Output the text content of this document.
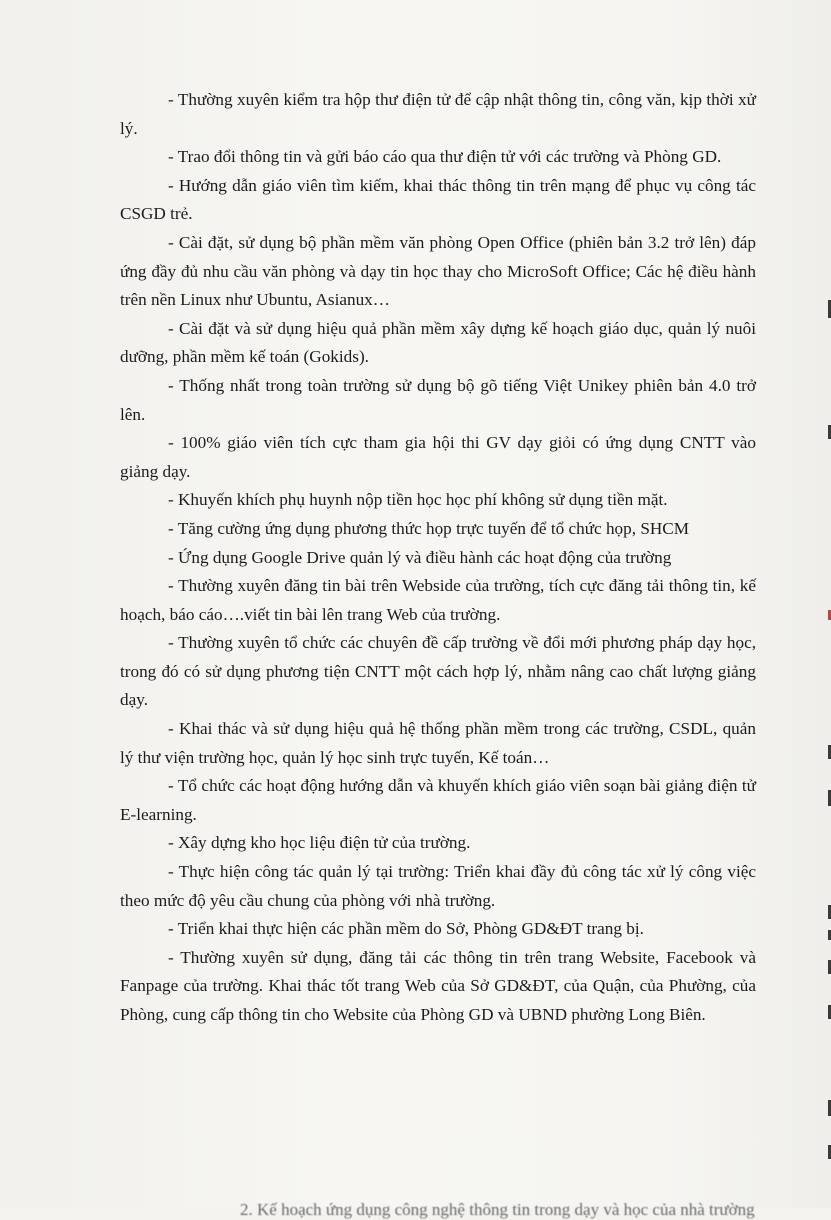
- Thường xuyên kiểm tra hộp thư điện tử để cập nhật thông tin, công văn, kịp thời xử lý.

- Trao đổi thông tin và gửi báo cáo qua thư điện tử với các trường và Phòng GD.

- Hướng dẫn giáo viên tìm kiếm, khai thác thông tin trên mạng để phục vụ công tác CSGD trẻ.

- Cài đặt, sử dụng bộ phần mềm văn phòng Open Office (phiên bản 3.2 trở lên) đáp ứng đầy đủ nhu cầu văn phòng và dạy tin học thay cho MicroSoft Office; Các hệ điều hành trên nền Linux như Ubuntu, Asianux…

- Cài đặt và sử dụng hiệu quả phần mềm xây dựng kế hoạch giáo dục, quản lý nuôi dưỡng, phần mềm kế toán (Gokids).

- Thống nhất trong toàn trường sử dụng bộ gõ tiếng Việt Unikey phiên bản 4.0 trở lên.

- 100% giáo viên tích cực tham gia hội thi GV dạy giỏi có ứng dụng CNTT vào giảng dạy.

- Khuyến khích phụ huynh nộp tiền học học phí không sử dụng tiền mặt.

- Tăng cường ứng dụng phương thức họp trực tuyến để tổ chức họp, SHCM

- Ứng dụng Google Drive quản lý và điều hành các hoạt động của trường

- Thường xuyên đăng tin bài trên Webside của trường, tích cực đăng tải thông tin, kế hoạch, báo cáo….viết tin bài lên trang Web của trường.

- Thường xuyên tổ chức các chuyên đề cấp trường về đổi mới phương pháp dạy học, trong đó có sử dụng phương tiện CNTT một cách hợp lý, nhằm nâng cao chất lượng giảng dạy.

- Khai thác và sử dụng hiệu quả hệ thống phần mềm trong các trường, CSDL, quản lý thư viện trường học, quản lý học sinh trực tuyến, Kế toán…

- Tổ chức các hoạt động hướng dẫn và khuyến khích giáo viên soạn bài giảng điện tử E-learning.

- Xây dựng kho học liệu điện tử của trường.

- Thực hiện công tác quản lý tại trường: Triển khai đầy đủ công tác xử lý công việc theo mức độ yêu cầu chung của phòng với nhà trường.

- Triển khai thực hiện các phần mềm do Sở, Phòng GD&ĐT trang bị.

- Thường xuyên sử dụng, đăng tải các thông tin trên trang Website, Facebook và Fanpage của trường. Khai thác tốt trang Web của Sở GD&ĐT, của Quận, của Phường, của Phòng, cung cấp thông tin cho Website của Phòng GD và UBND phường Long Biên.

2. Kế hoạch ứng dụng công nghệ thông tin trong dạy và học của nhà trường
